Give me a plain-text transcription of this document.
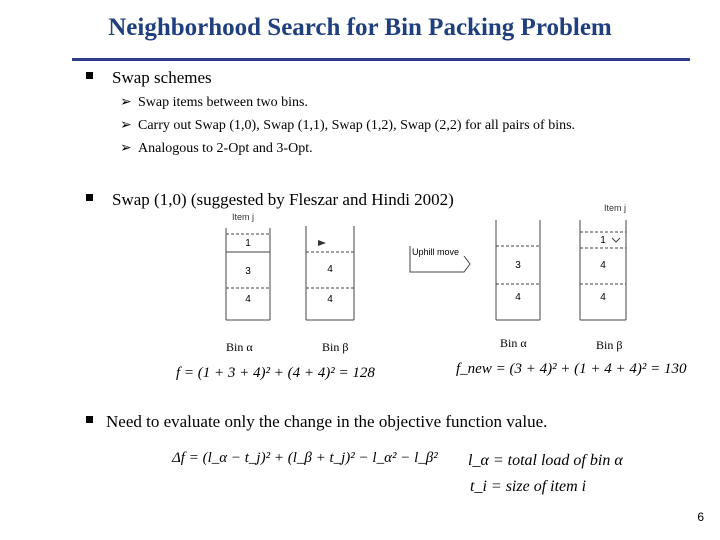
Neighborhood Search for Bin Packing Problem
Swap schemes
➢ Swap items between two bins.
➢ Carry out Swap (1,0), Swap (1,1), Swap (1,2), Swap (2,2) for all pairs of bins.
➢ Analogous to 2-Opt and 3-Opt.
Swap (1,0) (suggested by Fleszar and Hindi 2002)
Item j
Item j
1
3
4
4
4
3
4
1
4
4
Uphill move
Bin α	Bin β	Bin α	Bin β
f = (1 + 3 + 4)² + (4 + 4)² = 128	f_new = (3 + 4)² + (1 + 4 + 4)² = 130
Need to evaluate only the change in the objective function value.
Δf = (l_α − t_j)² + (l_β + t_j)² − l_α² − l_β² l_α = total load of bin α
t_i = size of item i
6
